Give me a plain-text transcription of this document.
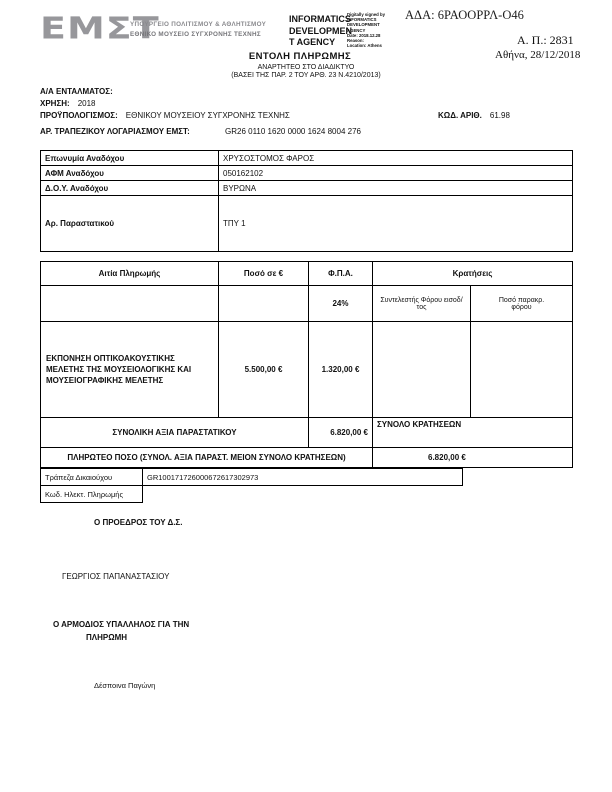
ΕΜΣΤ
ΥΠΟΥΡΓΕΙΟ ΠΟΛΙΤΙΣΜΟΥ & ΑΘΛΗΤΙΣΜΟΥ
ΕΘΝΙΚΟ ΜΟΥΣΕΙΟ ΣΥΓΧΡΟΝΗΣ ΤΕΧΝΗΣ
INFORMATICS DEVELOPMEN T AGENCY
Digitally signed by
INFORMATICS
DEVELOPMENT AGENCY
Date: 2018.12.28
Reason:
Location: Athens
ΑΔΑ: 6ΡΑΟΟΡΡΛ-Ο46
Α. Π.: 2831
Αθήνα, 28/12/2018
ΕΝΤΟΛΗ ΠΛΗΡΩΜΗΣ
ΑΝΑΡΤΗΤΕΟ ΣΤΟ ΔΙΑΔΙΚΤΥΟ
(ΒΑΣΕΙ ΤΗΣ ΠΑΡ. 2 ΤΟΥ ΑΡΘ. 23 Ν.4210/2013)
Α/Α ΕΝΤΑΛΜΑΤΟΣ:
ΧΡΗΣΗ: 2018
ΠΡΟΫΠΟΛΟΓΙΣΜΟΣ: ΕΘΝΙΚΟΥ ΜΟΥΣΕΙΟΥ ΣΥΓΧΡΟΝΗΣ ΤΕΧΝΗΣ	ΚΩΔ. ΑΡΙΘ. 61.98
ΑΡ. ΤΡΑΠΕΖΙΚΟΥ ΛΟΓΑΡΙΑΣΜΟΥ ΕΜΣΤ:	GR26 0110 1620 0000 1624 8004 276
Επωνυμία Αναδόχου	ΧΡΥΣΟΣΤΟΜΟΣ ΦΑΡΟΣ
ΑΦΜ Αναδόχου	050162102
Δ.Ο.Υ. Αναδόχου	ΒΥΡΩΝΑ
Αρ. Παραστατικού	ΤΠΥ 1
Αιτία Πληρωμής	Ποσό σε €	Φ.Π.Α.	Κρατήσεις	
		24%	Συντελεστής Φόρου εισοδ/τος	Ποσό παρακρ. φόρου

ΕΚΠΟΝΗΣΗ ΟΠΤΙΚΟΑΚΟΥΣΤΙΚΗΣ ΜΕΛΕΤΗΣ ΤΗΣ ΜΟΥΣΕΙΟΛΟΓΙΚΗΣ ΚΑΙ ΜΟΥΣΕΙΟΓΡΑΦΙΚΗΣ ΜΕΛΕΤΗΣ	5.500,00 €	1.320,00 €		
ΣΥΝΟΛΙΚΗ ΑΞΙΑ ΠΑΡΑΣΤΑΤΙΚΟΥ		6.820,00 €	ΣΥΝΟΛΟ ΚΡΑΤΗΣΕΩΝ	

ΠΛΗΡΩΤΕΟ ΠΟΣΟ (ΣΥΝΟΛ. ΑΞΙΑ ΠΑΡΑΣΤ. ΜΕΙΟΝ ΣΥΝΟΛΟ ΚΡΑΤΗΣΕΩΝ)			6.820,00 €	
Τράπεζα Δικαιούχου	GR100171726000672617302973	
Κωδ. Ηλεκτ. Πληρωμής		
Ο ΠΡΟΕΔΡΟΣ ΤΟΥ Δ.Σ.
ΓΕΩΡΓΙΟΣ ΠΑΠΑΝΑΣΤΑΣΙΟΥ
Ο ΑΡΜΟΔΙΟΣ ΥΠΑΛΛΗΛΟΣ ΓΙΑ ΤΗΝ
ΠΛΗΡΩΜΗ
Δέσποινα Παγώνη
